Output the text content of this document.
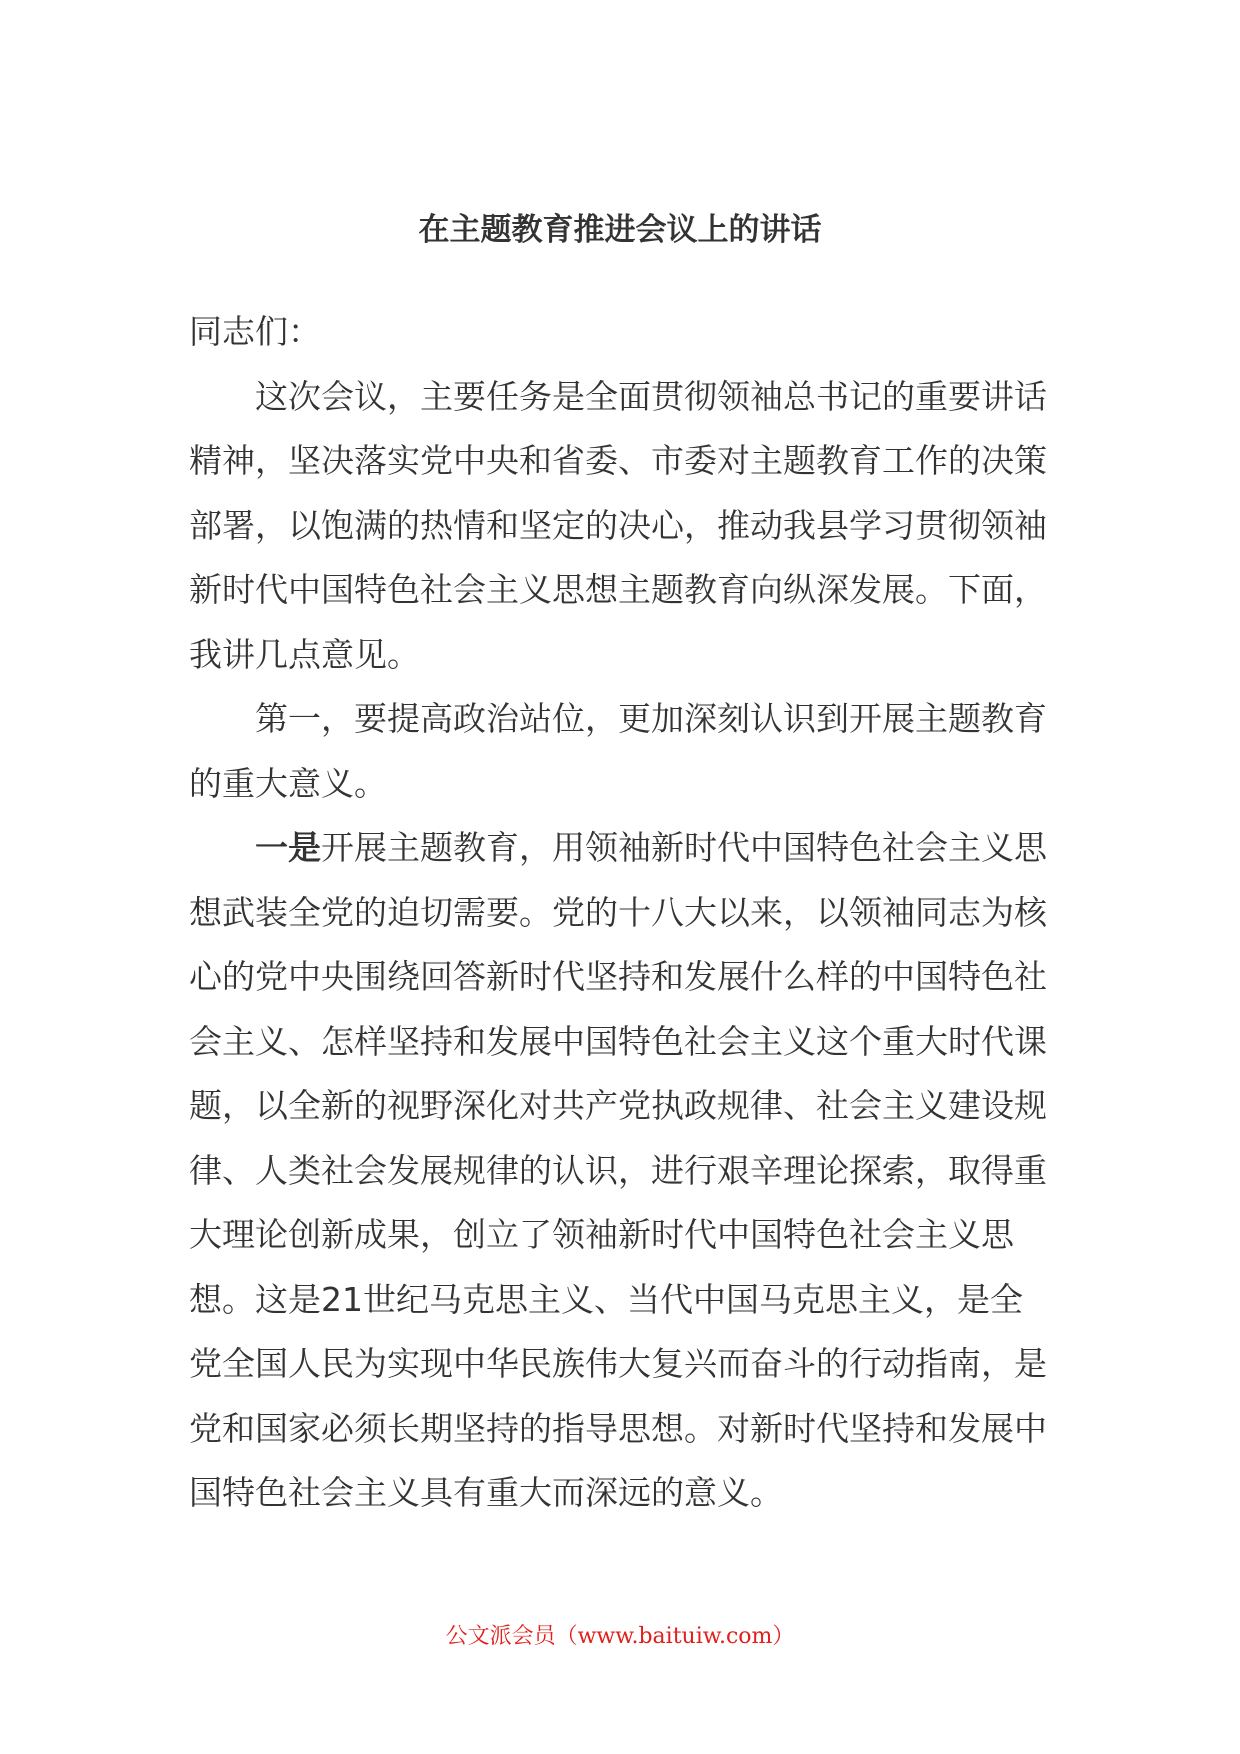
在主题教育推进会议上的讲话

同志们：

这次会议，主要任务是全面贯彻领袖总书记的重要讲话精神，坚决落实党中央和省委、市委对主题教育工作的决策部署，以饱满的热情和坚定的决心，推动我县学习贯彻领袖新时代中国特色社会主义思想主题教育向纵深发展。下面，我讲几点意见。

第一，要提高政治站位，更加深刻认识到开展主题教育的重大意义。

一是开展主题教育，用领袖新时代中国特色社会主义思想武装全党的迫切需要。党的十八大以来，以领袖同志为核心的党中央围绕回答新时代坚持和发展什么样的中国特色社会主义、怎样坚持和发展中国特色社会主义这个重大时代课题，以全新的视野深化对共产党执政规律、社会主义建设规律、人类社会发展规律的认识，进行艰辛理论探索，取得重大理论创新成果，创立了领袖新时代中国特色社会主义思想。这是21世纪马克思主义、当代中国马克思主义，是全党全国人民为实现中华民族伟大复兴而奋斗的行动指南，是党和国家必须长期坚持的指导思想。对新时代坚持和发展中国特色社会主义具有重大而深远的意义。

公文派会员（www.baituiw.com）
